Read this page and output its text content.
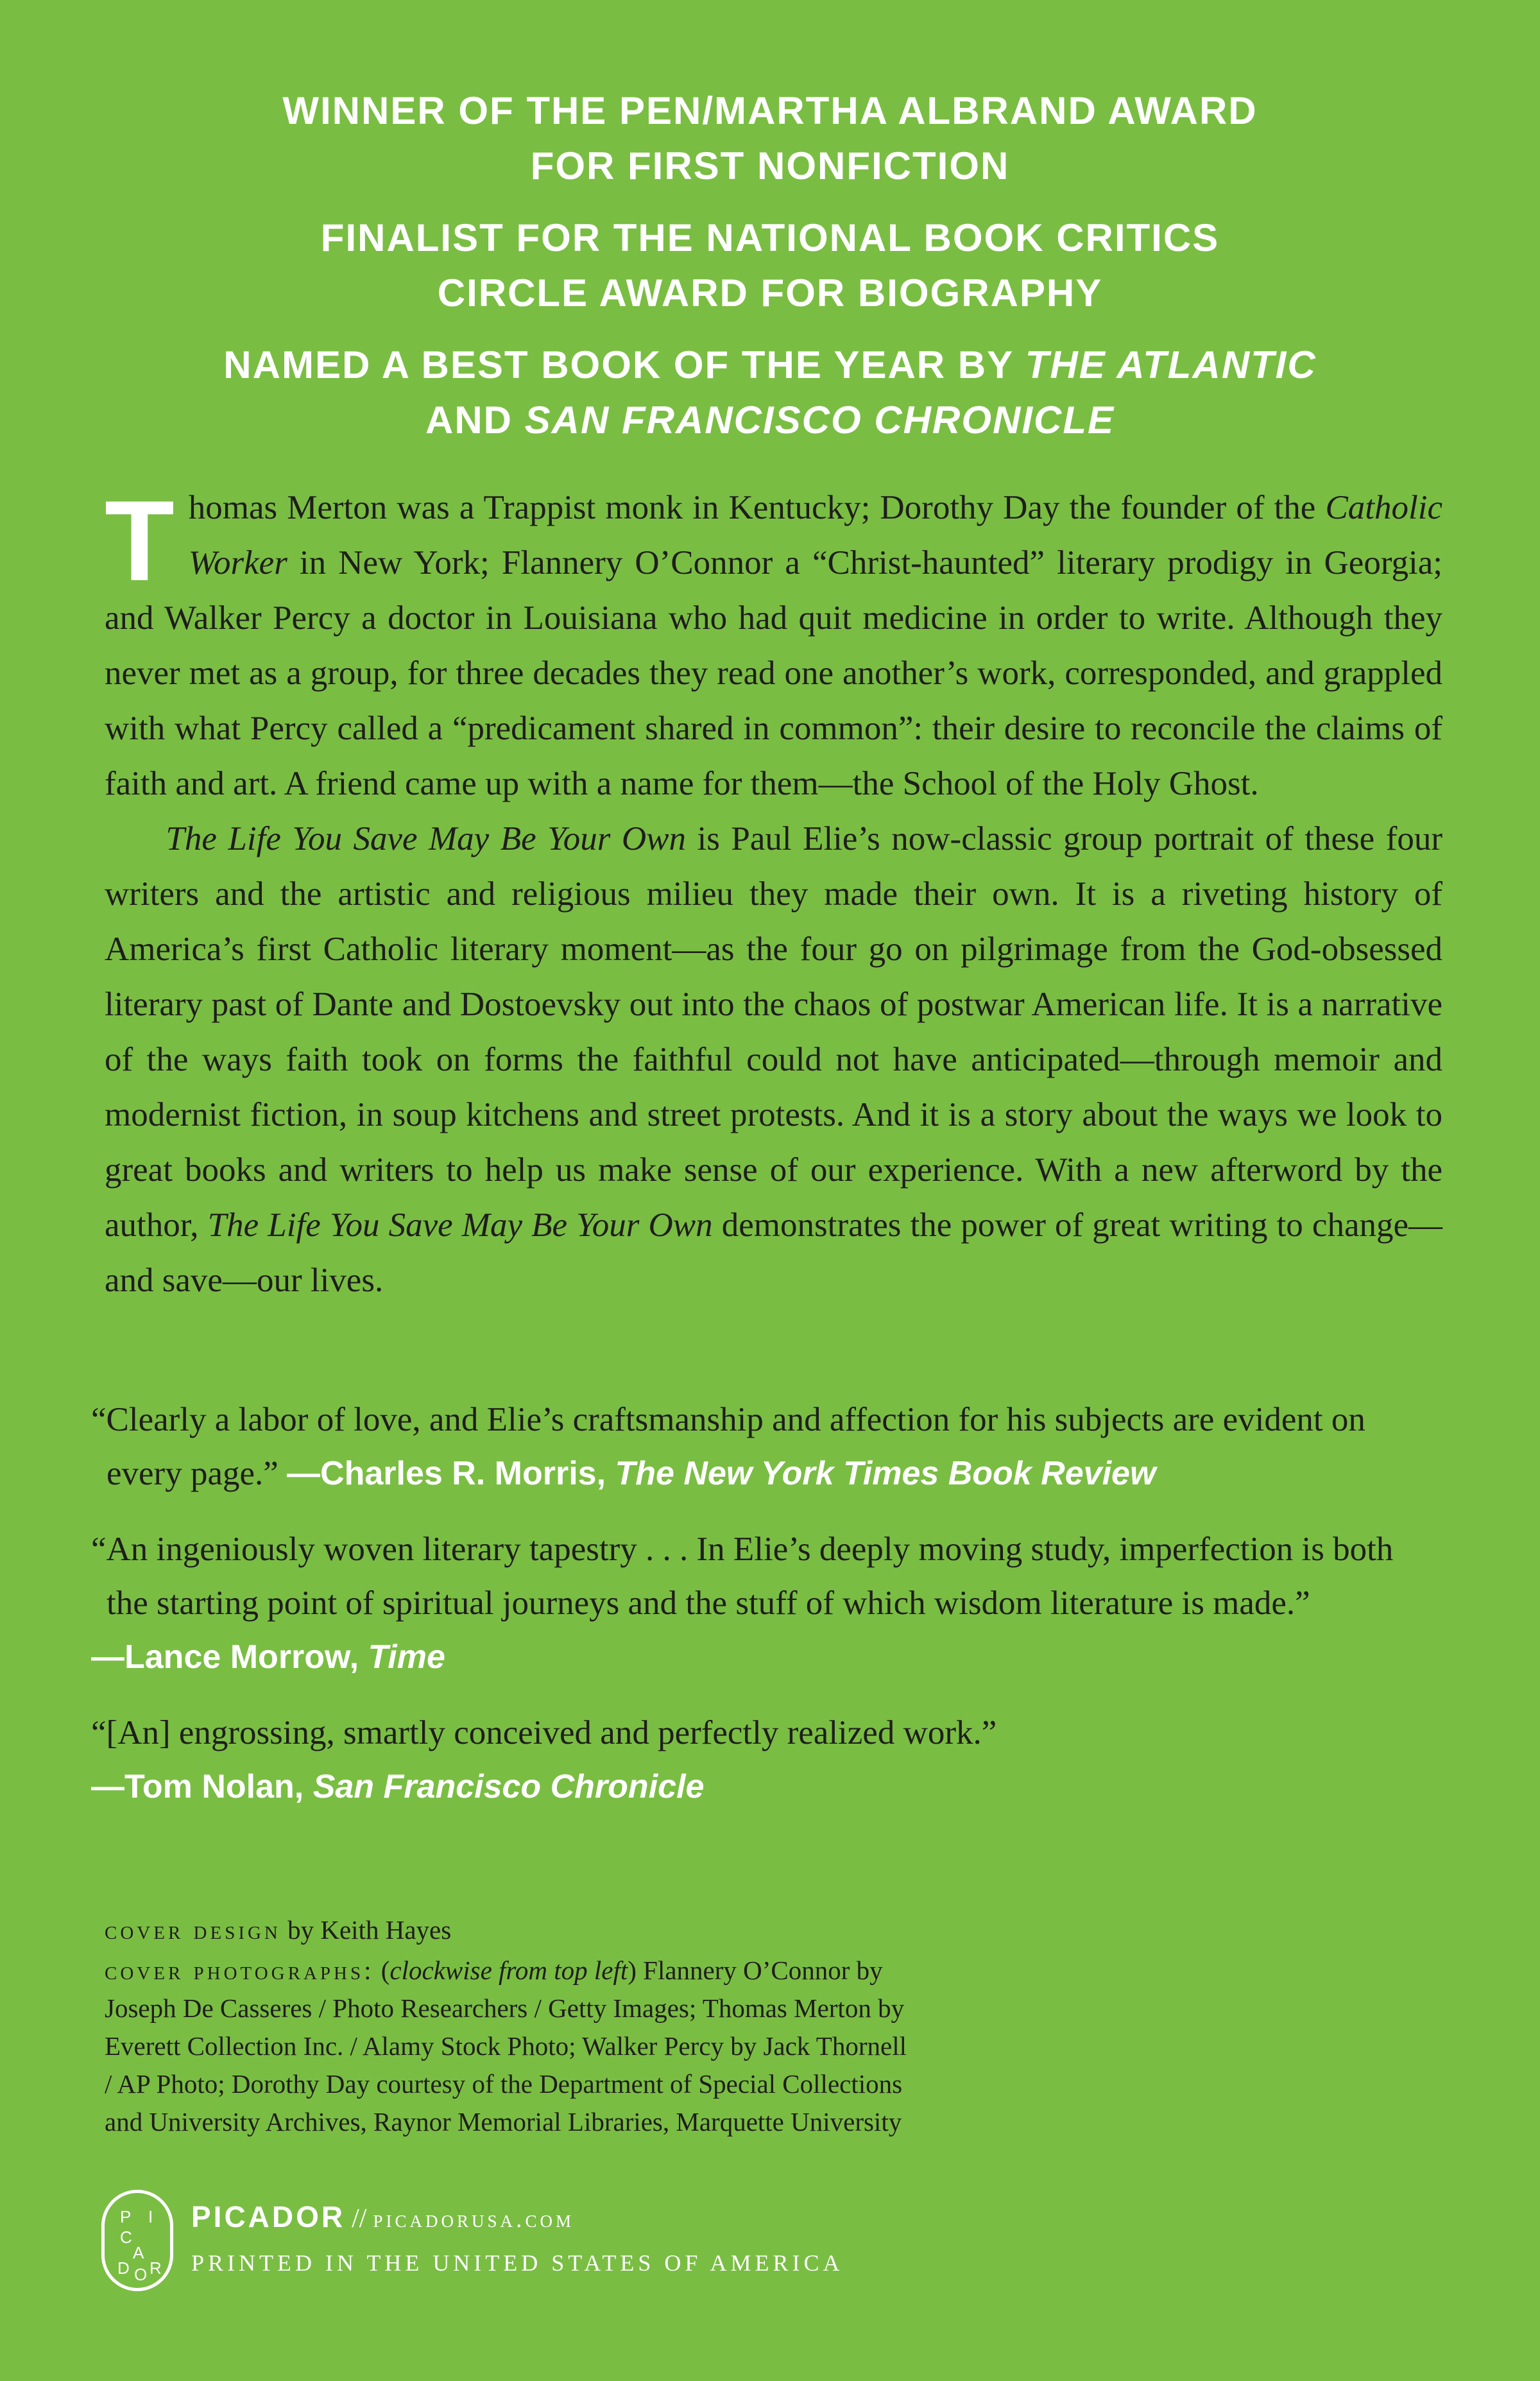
WINNER OF THE PEN/MARTHA ALBRAND AWARD
FOR FIRST NONFICTION
FINALIST FOR THE NATIONAL BOOK CRITICS
CIRCLE AWARD FOR BIOGRAPHY
NAMED A BEST BOOK OF THE YEAR BY THE ATLANTIC
AND SAN FRANCISCO CHRONICLE

Thomas Merton was a Trappist monk in Kentucky; Dorothy Day the founder of the Catholic Worker in New York; Flannery O’Connor a “Christ-haunted” literary prodigy in Georgia; and Walker Percy a doctor in Louisiana who had quit medicine in order to write. Although they never met as a group, for three decades they read one another’s work, corresponded, and grappled with what Percy called a “predicament shared in common”: their desire to reconcile the claims of faith and art. A friend came up with a name for them—the School of the Holy Ghost.

The Life You Save May Be Your Own is Paul Elie’s now-classic group portrait of these four writers and the artistic and religious milieu they made their own. It is a riveting history of America’s first Catholic literary moment—as the four go on pilgrimage from the God-obsessed literary past of Dante and Dostoevsky out into the chaos of postwar American life. It is a narrative of the ways faith took on forms the faithful could not have anticipated—through memoir and modernist fiction, in soup kitchens and street protests. And it is a story about the ways we look to great books and writers to help us make sense of our experience. With a new afterword by the author, The Life You Save May Be Your Own demonstrates the power of great writing to change—and save—our lives.

“Clearly a labor of love, and Elie’s craftsmanship and affection for his subjects are evident on every page.” —Charles R. Morris, The New York Times Book Review

“An ingeniously woven literary tapestry . . . In Elie’s deeply moving study, imperfection is both the starting point of spiritual journeys and the stuff of which wisdom literature is made.”
—Lance Morrow, Time

“[An] engrossing, smartly conceived and perfectly realized work.”
—Tom Nolan, San Francisco Chronicle

cover design by Keith Hayes

cover photographs: (clockwise from top left) Flannery O’Connor by Joseph De Casseres / Photo Researchers / Getty Images; Thomas Merton by Everett Collection Inc. / Alamy Stock Photo; Walker Percy by Jack Thornell / AP Photo; Dorothy Day courtesy of the Department of Special Collections and University Archives, Raynor Memorial Libraries, Marquette University

P I
C
A
D O R
PICADOR // picadorusa.com
PRINTED IN THE UNITED STATES OF AMERICA
